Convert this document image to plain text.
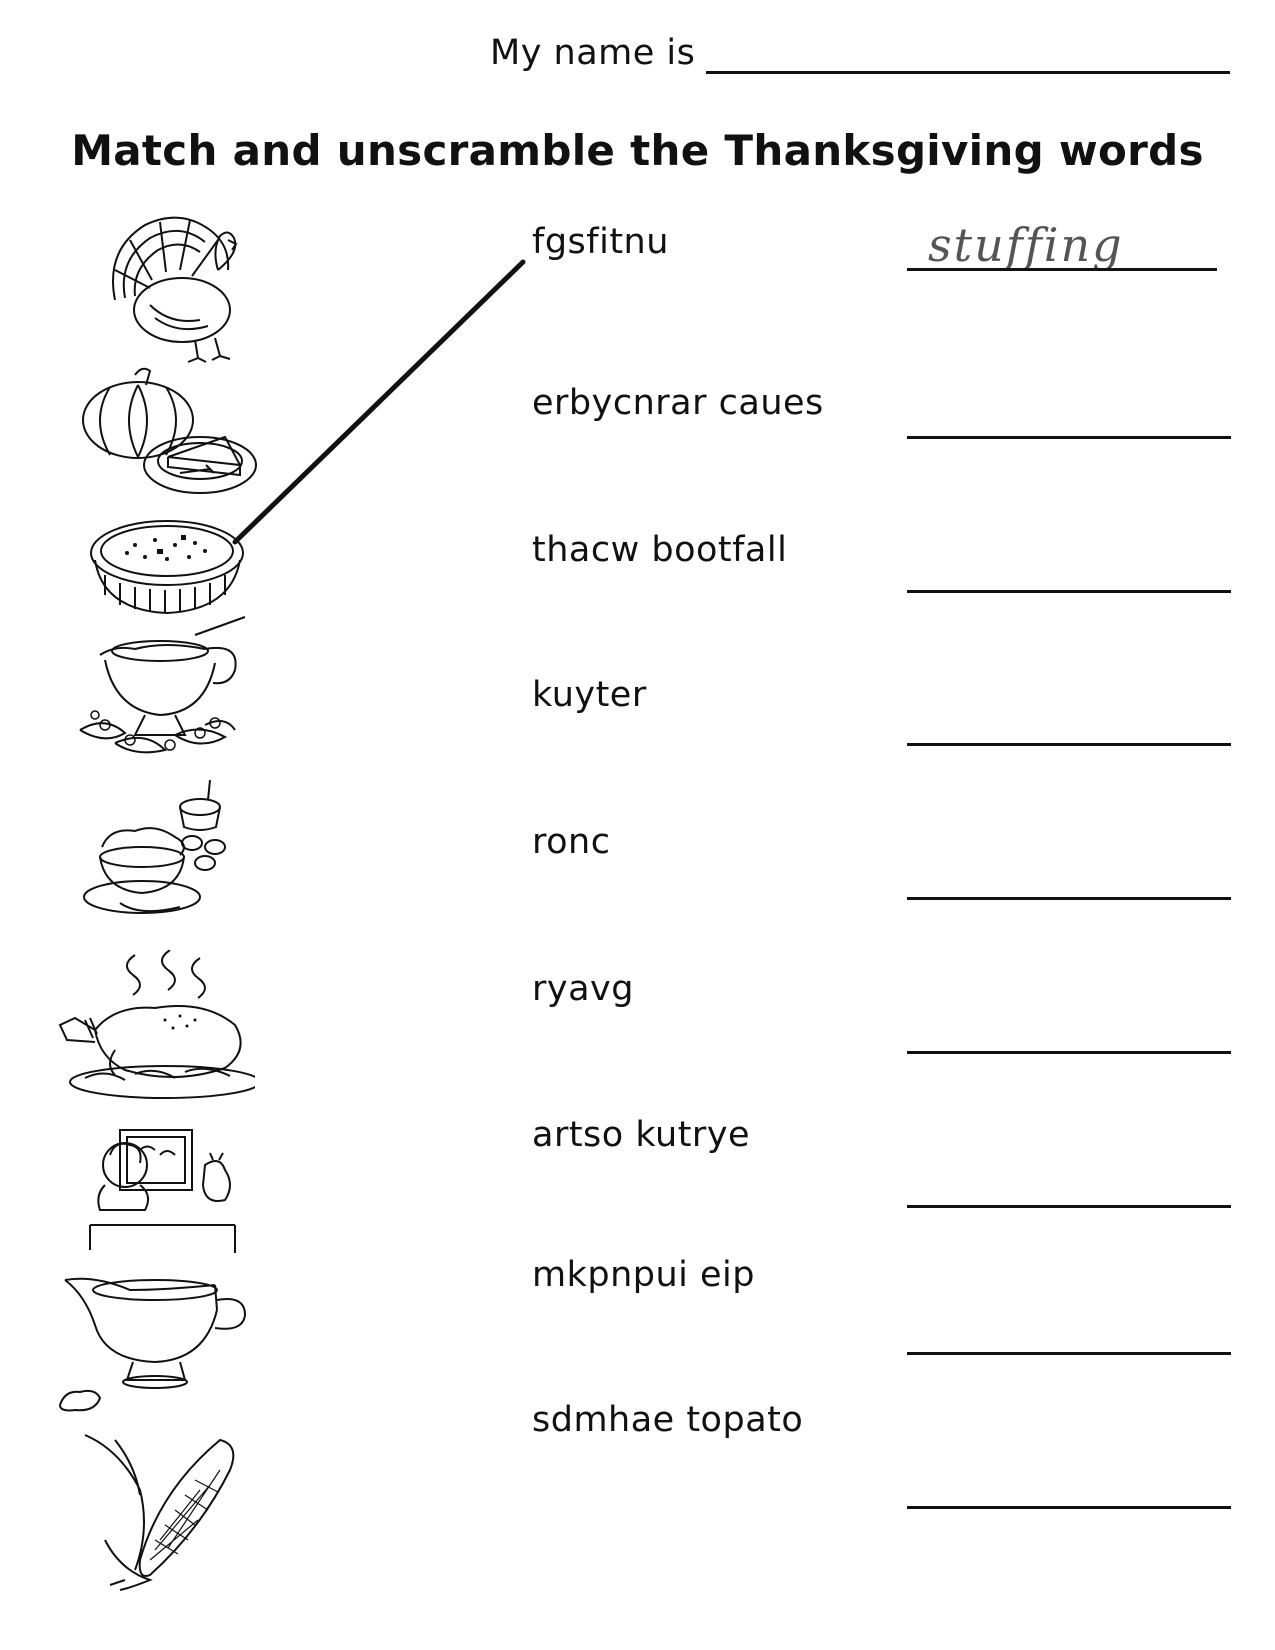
My name is
Match and unscramble the Thanksgiving words
fgsfitnu
erbycnrar caues
thacw bootfall
kuyter
ronc
ryavg
artso kutrye
mkpnpui eip
sdmhae topato
stuffing
